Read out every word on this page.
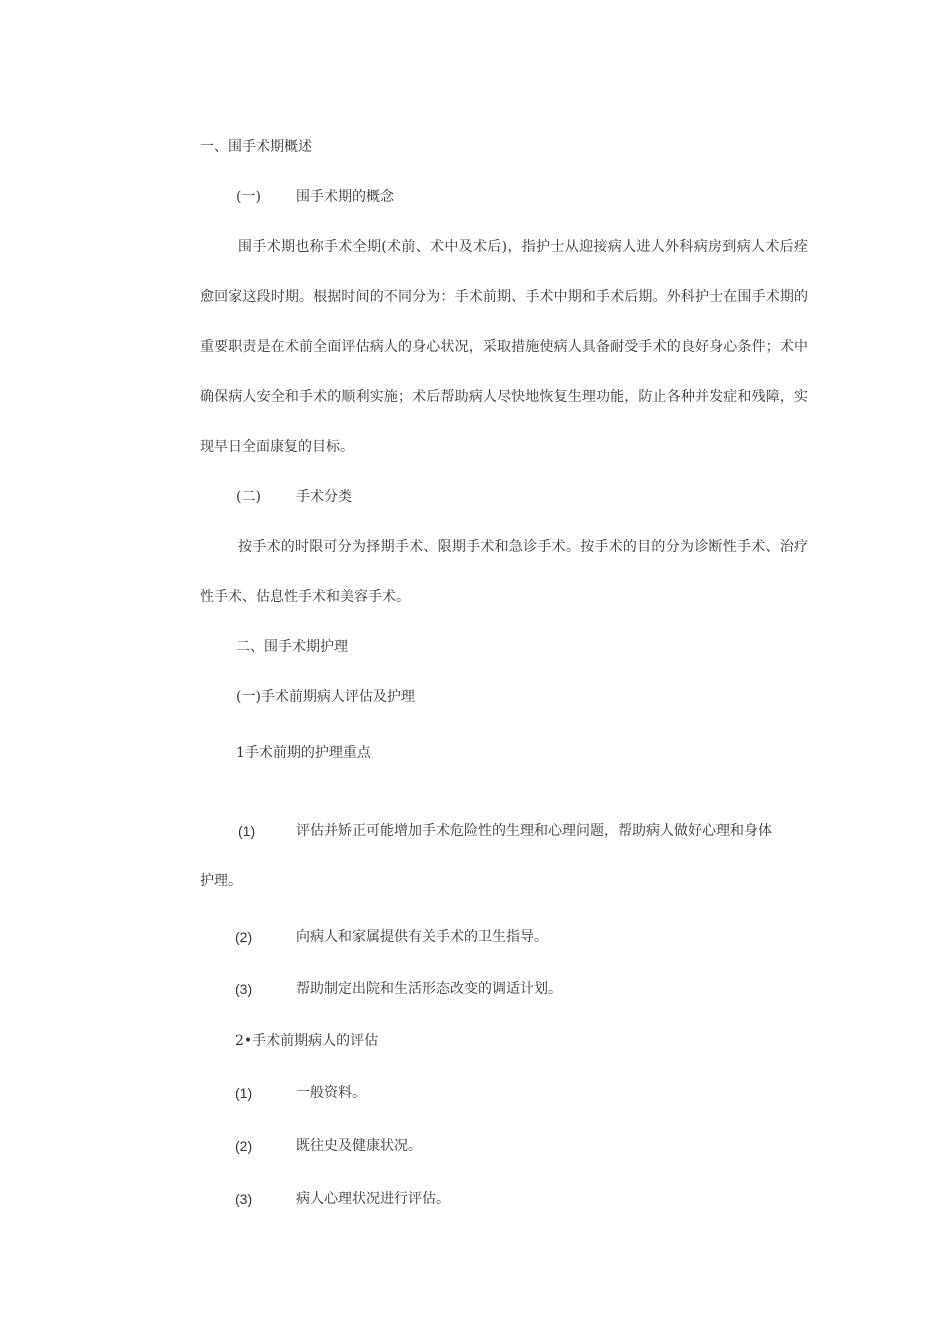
一、围手术期概述
(一)	围手术期的概念
围手术期也称手术全期(术前、术中及术后)，指护士从迎接病人进人外科病房到病人术后痊愈回家这段时期。根据时间的不同分为：手术前期、手术中期和手术后期。外科护士在围手术期的重要职责是在术前全面评估病人的身心状况，采取措施使病人具备耐受手术的良好身心条件；术中确保病人安全和手术的顺利实施；术后帮助病人尽快地恢复生理功能，防止各种并发症和残障，实现早日全面康复的目标。
(二)	手术分类
按手术的时限可分为择期手术、限期手术和急诊手术。按手术的目的分为诊断性手术、治疗性手术、估息性手术和美容手术。
二、围手术期护理
(一)手术前期病人评估及护理
1手术前期的护理重点
(1)	评估并矫正可能增加手术危险性的生理和心理问题，帮助病人做好心理和身体
护理。
(2)	向病人和家属提供有关手术的卫生指导。
(3)	帮助制定出院和生活形态改变的调适计划。
2•手术前期病人的评估
(1)	一般资料。
(2)	既往史及健康状况。
(3)	病人心理状况进行评估。
